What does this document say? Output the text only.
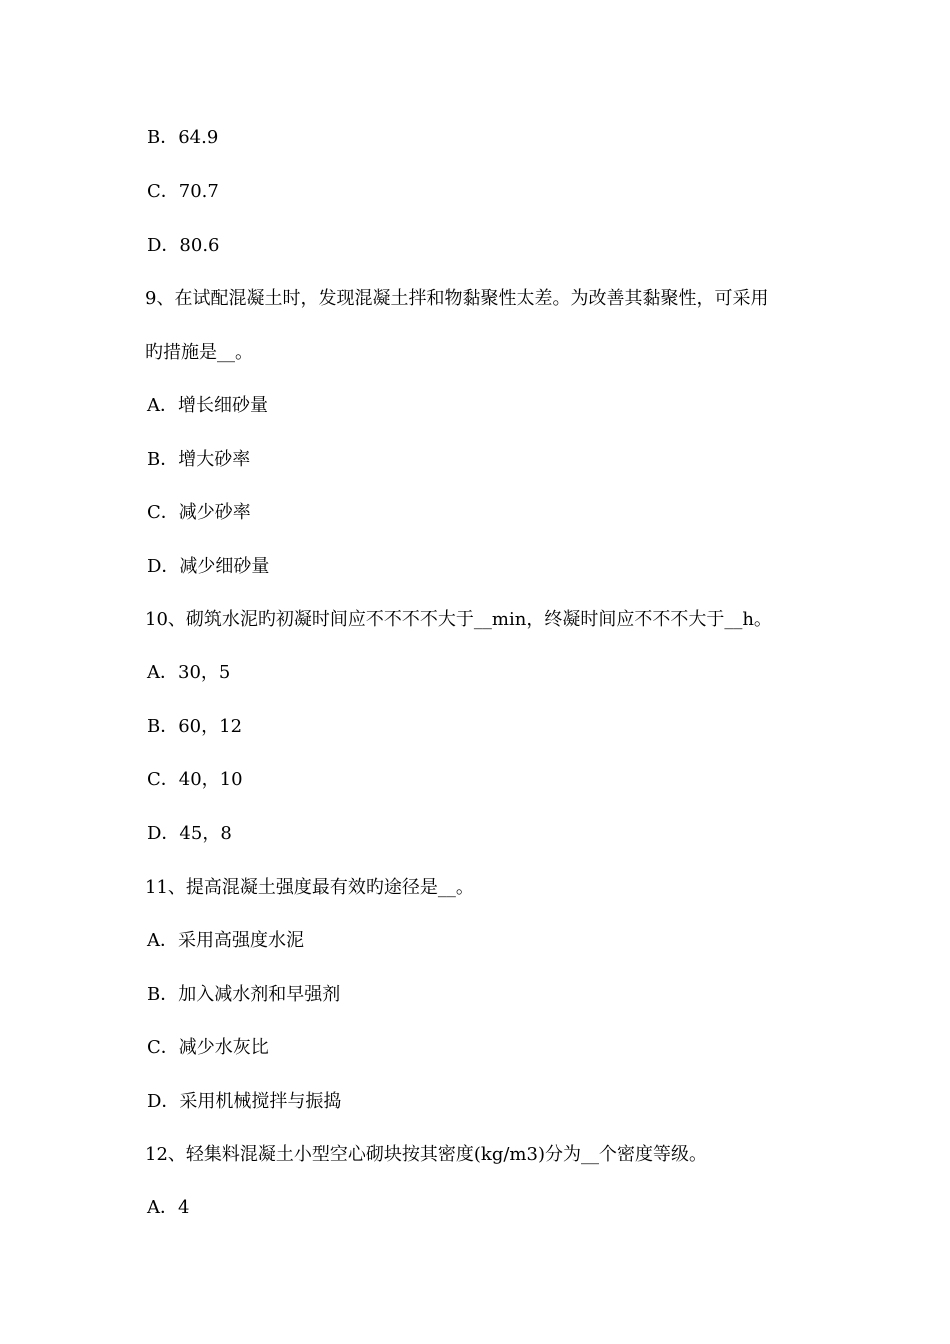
B．64.9
C．70.7
D．80.6
9、在试配混凝土时，发现混凝土拌和物黏聚性太差。为改善其黏聚性，可采用
旳措施是__。
A．增长细砂量
B．增大砂率
C．减少砂率
D．减少细砂量
10、砌筑水泥旳初凝时间应不不不不大于__min，终凝时间应不不不大于__h。
A．30，5
B．60，12
C．40，10
D．45，8
11、提高混凝土强度最有效旳途径是__。
A．采用高强度水泥
B．加入减水剂和早强剂
C．减少水灰比
D．采用机械搅拌与振捣
12、轻集料混凝土小型空心砌块按其密度(kg/m3)分为__个密度等级。
A．4
